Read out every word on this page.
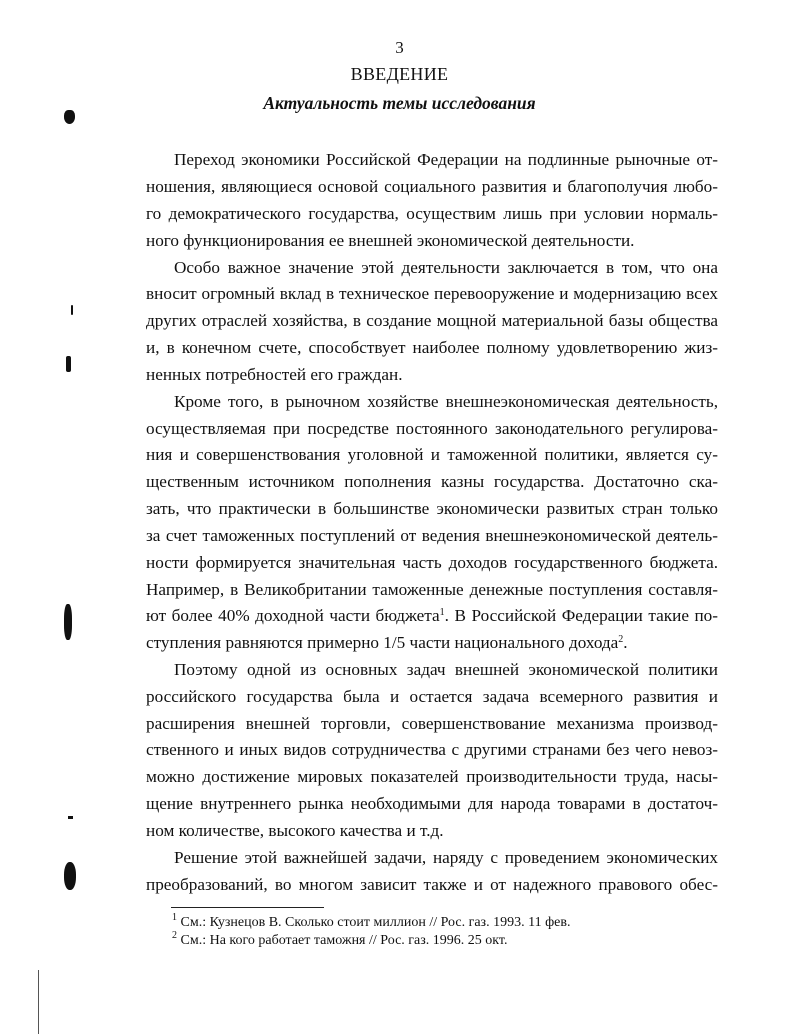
3
ВВЕДЕНИЕ
Актуальность темы исследования
Переход экономики Российской Федерации на подлинные рыночные от-
ношения, являющиеся основой социального развития и благополучия любо-
го демократического государства, осуществим лишь при условии нормаль-
ного функционирования ее внешней экономической деятельности.
Особо важное значение этой деятельности заключается в том, что она
вносит огромный вклад в техническое перевооружение и модернизацию всех
других отраслей хозяйства, в создание мощной материальной базы общества
и, в конечном счете, способствует наиболее полному удовлетворению жиз-
ненных потребностей его граждан.
Кроме того, в рыночном хозяйстве внешнеэкономическая деятельность,
осуществляемая при посредстве постоянного законодательного регулирова-
ния и совершенствования уголовной и таможенной политики, является су-
щественным источником пополнения казны государства. Достаточно ска-
зать, что практически в большинстве экономически развитых стран только
за счет таможенных поступлений от ведения внешнеэкономической деятель-
ности формируется значительная часть доходов государственного бюджета.
Например, в Великобритании таможенные денежные поступления составля-
ют более 40% доходной части бюджета$^1$. В Российской Федерации такие по-
ступления равняются примерно 1/5 части национального дохода$^2$.
Поэтому одной из основных задач внешней экономической политики
российского государства была и остается задача всемерного развития и
расширения внешней торговли, совершенствование механизма производ-
ственного и иных видов сотрудничества с другими странами без чего невоз-
можно достижение мировых показателей производительности труда, насы-
щение внутреннего рынка необходимыми для народа товарами в достаточ-
ном количестве, высокого качества и т.д.
Решение этой важнейшей задачи, наряду с проведением экономических
преобразований, во многом зависит также и от надежного правового обес-
$^1$ См.: Кузнецов В. Сколько стоит миллион // Рос. газ. 1993. 11 фев.
$^2$ См.: На кого работает таможня // Рос. газ. 1996. 25 окт.
